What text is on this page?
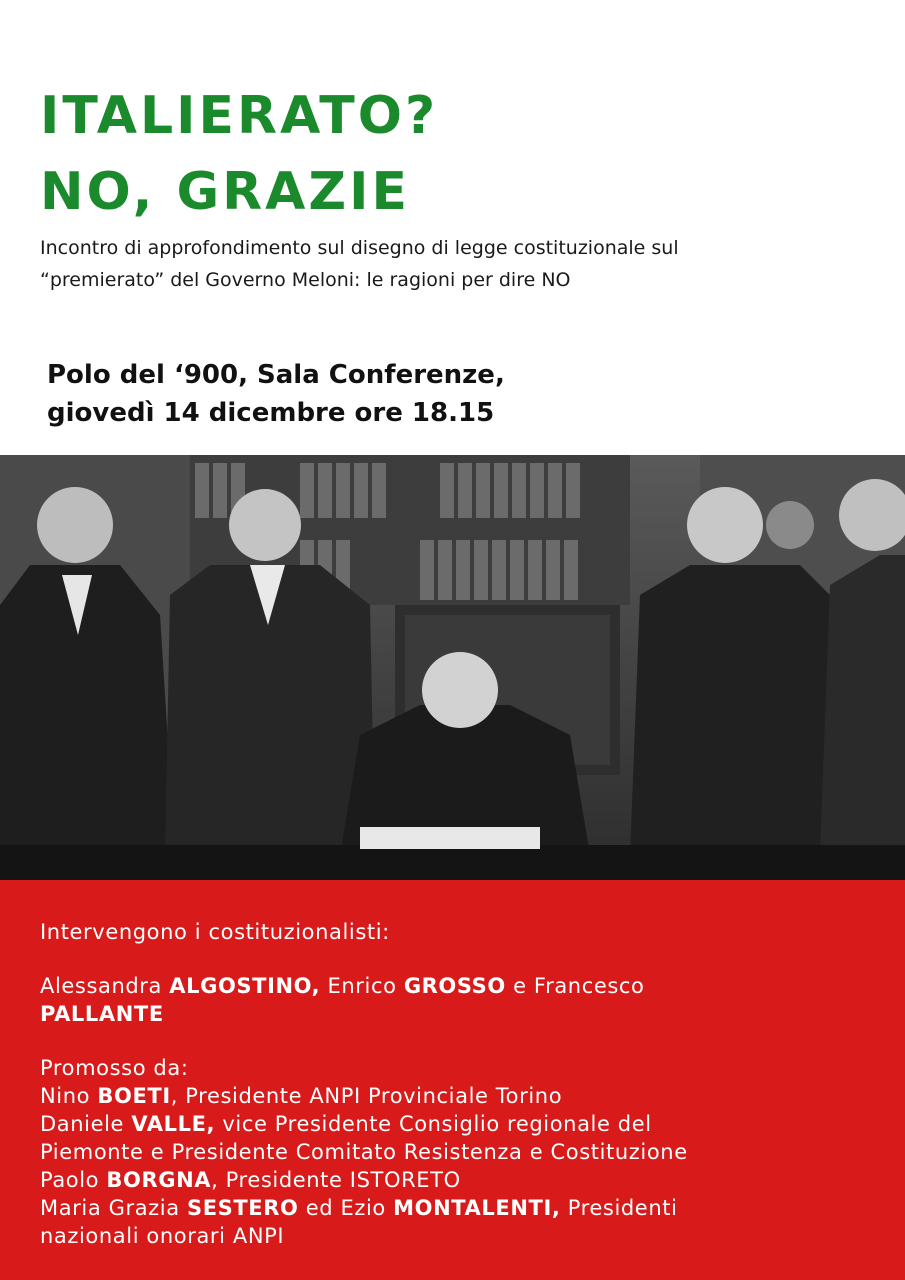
ITALIERATO?
NO, GRAZIE
Incontro di approfondimento sul disegno di legge costituzionale sul
“premierato” del Governo Meloni: le ragioni per dire NO
Polo del ‘900, Sala Conferenze,
giovedì 14 dicembre ore 18.15
Intervengono i costituzionalisti:
Alessandra ALGOSTINO, Enrico GROSSO e Francesco
PALLANTE
Promosso da:
Nino BOETI, Presidente ANPI Provinciale Torino
Daniele VALLE, vice Presidente Consiglio regionale del
Piemonte e Presidente Comitato Resistenza e Costituzione
Paolo BORGNA, Presidente ISTORETO
Maria Grazia SESTERO ed Ezio MONTALENTI, Presidenti
nazionali onorari ANPI
